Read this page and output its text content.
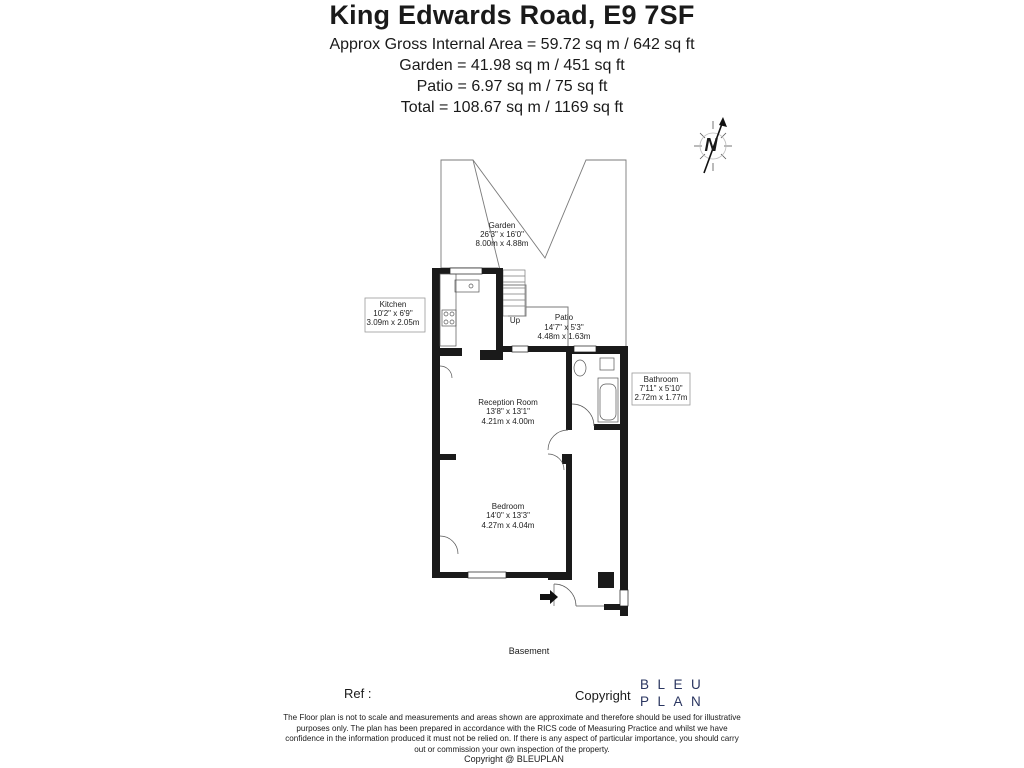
King Edwards Road, E9 7SF
Approx Gross Internal Area = 59.72 sq m / 642 sq ft
Garden = 41.98 sq m / 451 sq ft
Patio = 6.97 sq m / 75 sq ft
Total = 108.67 sq m / 1169 sq ft
N
Garden
26'3" x 16'0"
8.00m x 4.88m
Kitchen
10'2" x 6'9"
3.09m x 2.05m	Up	Patio
14'7" x 5'3"
4.48m x 1.63m
Bathroom
7'11" x 5'10"
2.72m x 1.77m
Reception Room
13'8" x 13'1"
4.21m x 4.00m
Bedroom
14'0" x 13'3"
4.27m x 4.04m
Basement
Ref :	Copyright
BLEU
PLAN

The Floor plan is not to scale and measurements and areas shown are approximate and therefore should be used for illustrative purposes only. The plan has been prepared in accordance with the RICS code of Measuring Practice and whilst we have confidence in the information produced it must not be relied on. If there is any aspect of particular importance, you should carry out or commission your own inspection of the property.

Copyright @ BLEUPLAN
